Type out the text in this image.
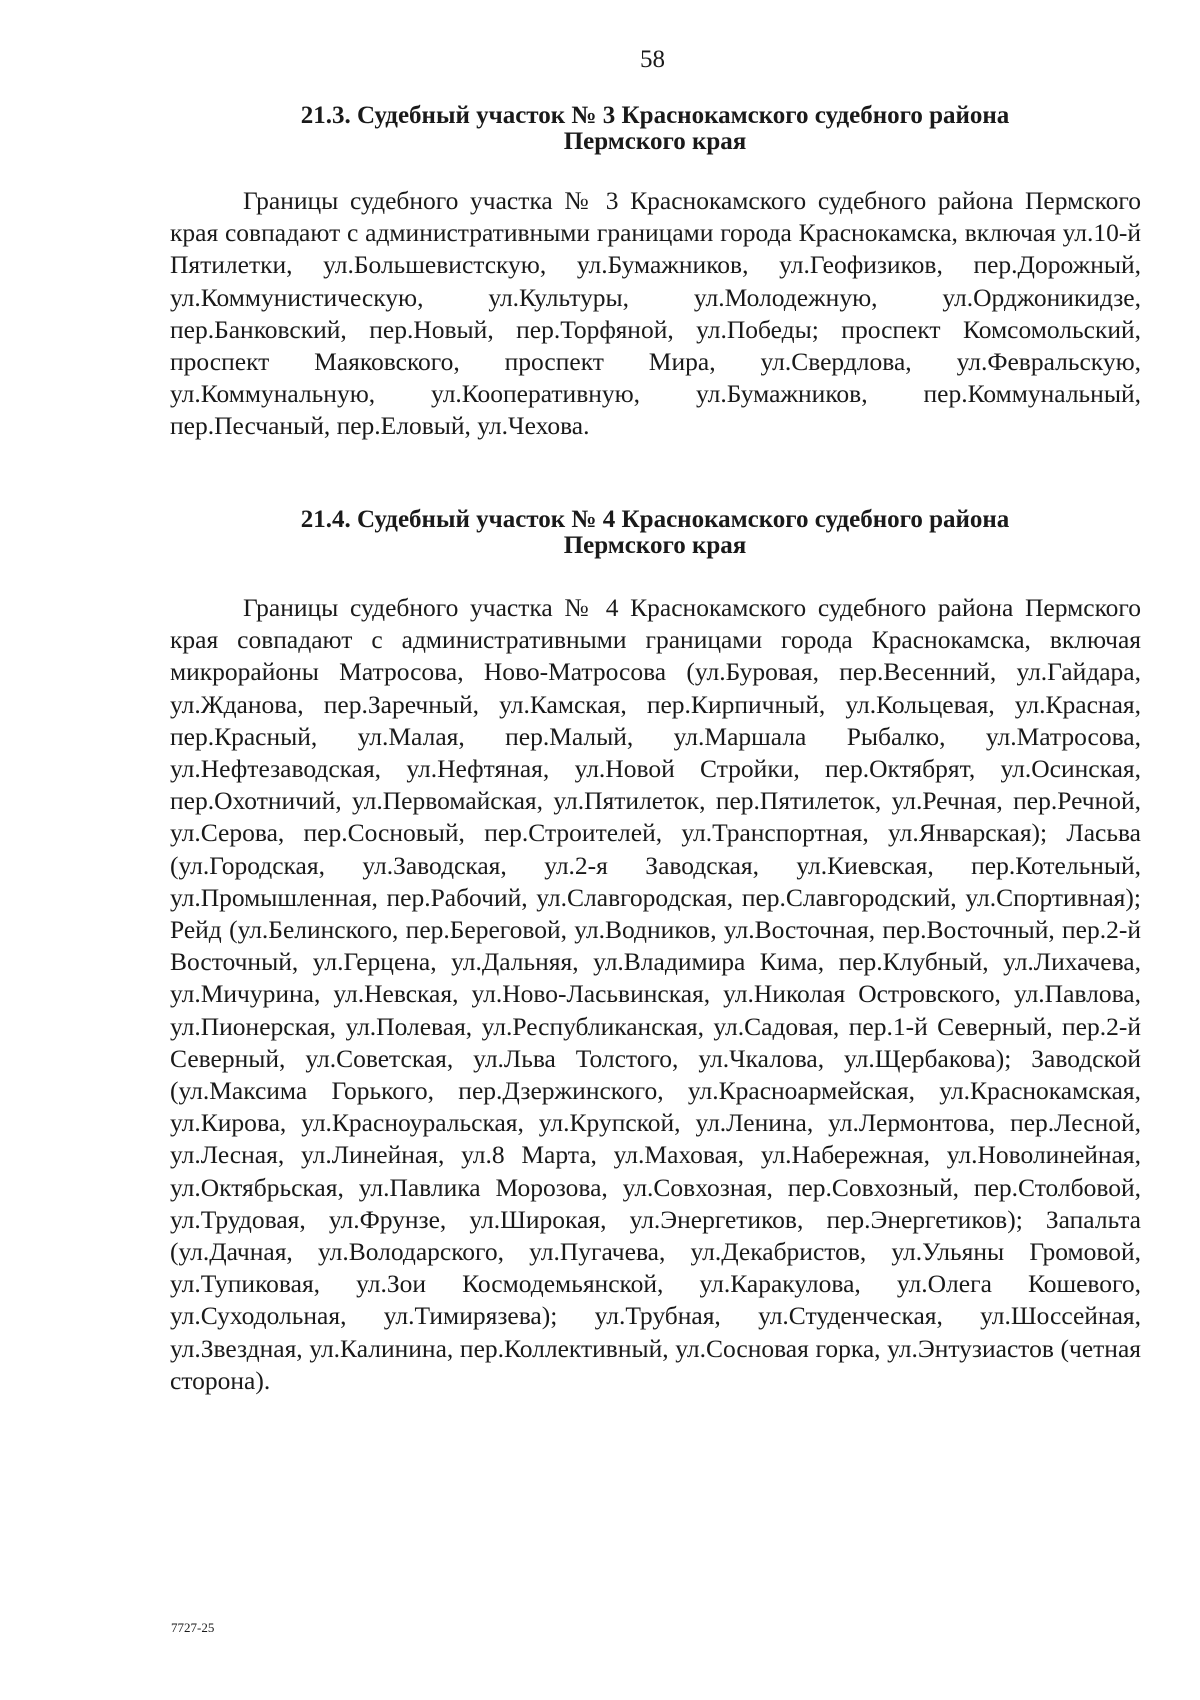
58
21.3. Судебный участок № 3 Краснокамского судебного района
Пермского края

Границы судебного участка № 3 Краснокамского судебного района Пермского края совпадают с административными границами города Краснокамска, включая ул.10-й Пятилетки, ул.Большевистскую, ул.Бумажников, ул.Геофизиков, пер.Дорожный, ул.Коммунистическую, ул.Культуры, ул.Молодежную, ул.Орджоникидзе, пер.Банковский, пер.Новый, пер.Торфяной, ул.Победы; проспект Комсомольский, проспект Маяковского, проспект Мира, ул.Свердлова, ул.Февральскую, ул.Коммунальную, ул.Кооперативную, ул.Бумажников, пер.Коммунальный, пер.Песчаный, пер.Еловый, ул.Чехова.

21.4. Судебный участок № 4 Краснокамского судебного района
Пермского края

Границы судебного участка № 4 Краснокамского судебного района Пермского края совпадают с административными границами города Краснокамска, включая микрорайоны Матросова, Ново-Матросова (ул.Буровая, пер.Весенний, ул.Гайдара, ул.Жданова, пер.Заречный, ул.Камская, пер.Кирпичный, ул.Кольцевая, ул.Красная, пер.Красный, ул.Малая, пер.Малый, ул.Маршала Рыбалко, ул.Матросова, ул.Нефтезаводская, ул.Нефтяная, ул.Новой Стройки, пер.Октябрят, ул.Осинская, пер.Охотничий, ул.Первомайская, ул.Пятилеток, пер.Пятилеток, ул.Речная, пер.Речной, ул.Серова, пер.Сосновый, пер.Строителей, ул.Транспортная, ул.Январская); Ласьва (ул.Городская, ул.Заводская, ул.2-я Заводская, ул.Киевская, пер.Котельный, ул.Промышленная, пер.Рабочий, ул.Славгородская, пер.Славгородский, ул.Спортивная); Рейд (ул.Белинского, пер.Береговой, ул.Водников, ул.Восточная, пер.Восточный, пер.2-й Восточный, ул.Герцена, ул.Дальняя, ул.Владимира Кима, пер.Клубный, ул.Лихачева, ул.Мичурина, ул.Невская, ул.Ново-Ласьвинская, ул.Николая Островского, ул.Павлова, ул.Пионерская, ул.Полевая, ул.Республиканская, ул.Садовая, пер.1-й Северный, пер.2-й Северный, ул.Советская, ул.Льва Толстого, ул.Чкалова, ул.Щербакова); Заводской (ул.Максима Горького, пер.Дзержинского, ул.Красноармейская, ул.Краснокамская, ул.Кирова, ул.Красноуральская, ул.Крупской, ул.Ленина, ул.Лермонтова, пер.Лесной, ул.Лесная, ул.Линейная, ул.8 Марта, ул.Маховая, ул.Набережная, ул.Новолинейная, ул.Октябрьская, ул.Павлика Морозова, ул.Совхозная, пер.Совхозный, пер.Столбовой, ул.Трудовая, ул.Фрунзе, ул.Широкая, ул.Энергетиков, пер.Энергетиков); Запальта (ул.Дачная, ул.Володарского, ул.Пугачева, ул.Декабристов, ул.Ульяны Громовой, ул.Тупиковая, ул.Зои Космодемьянской, ул.Каракулова, ул.Олега Кошевого, ул.Суходольная, ул.Тимирязева); ул.Трубная, ул.Студенческая, ул.Шоссейная, ул.Звездная, ул.Калинина, пер.Коллективный, ул.Сосновая горка, ул.Энтузиастов (четная сторона).

7727-25
